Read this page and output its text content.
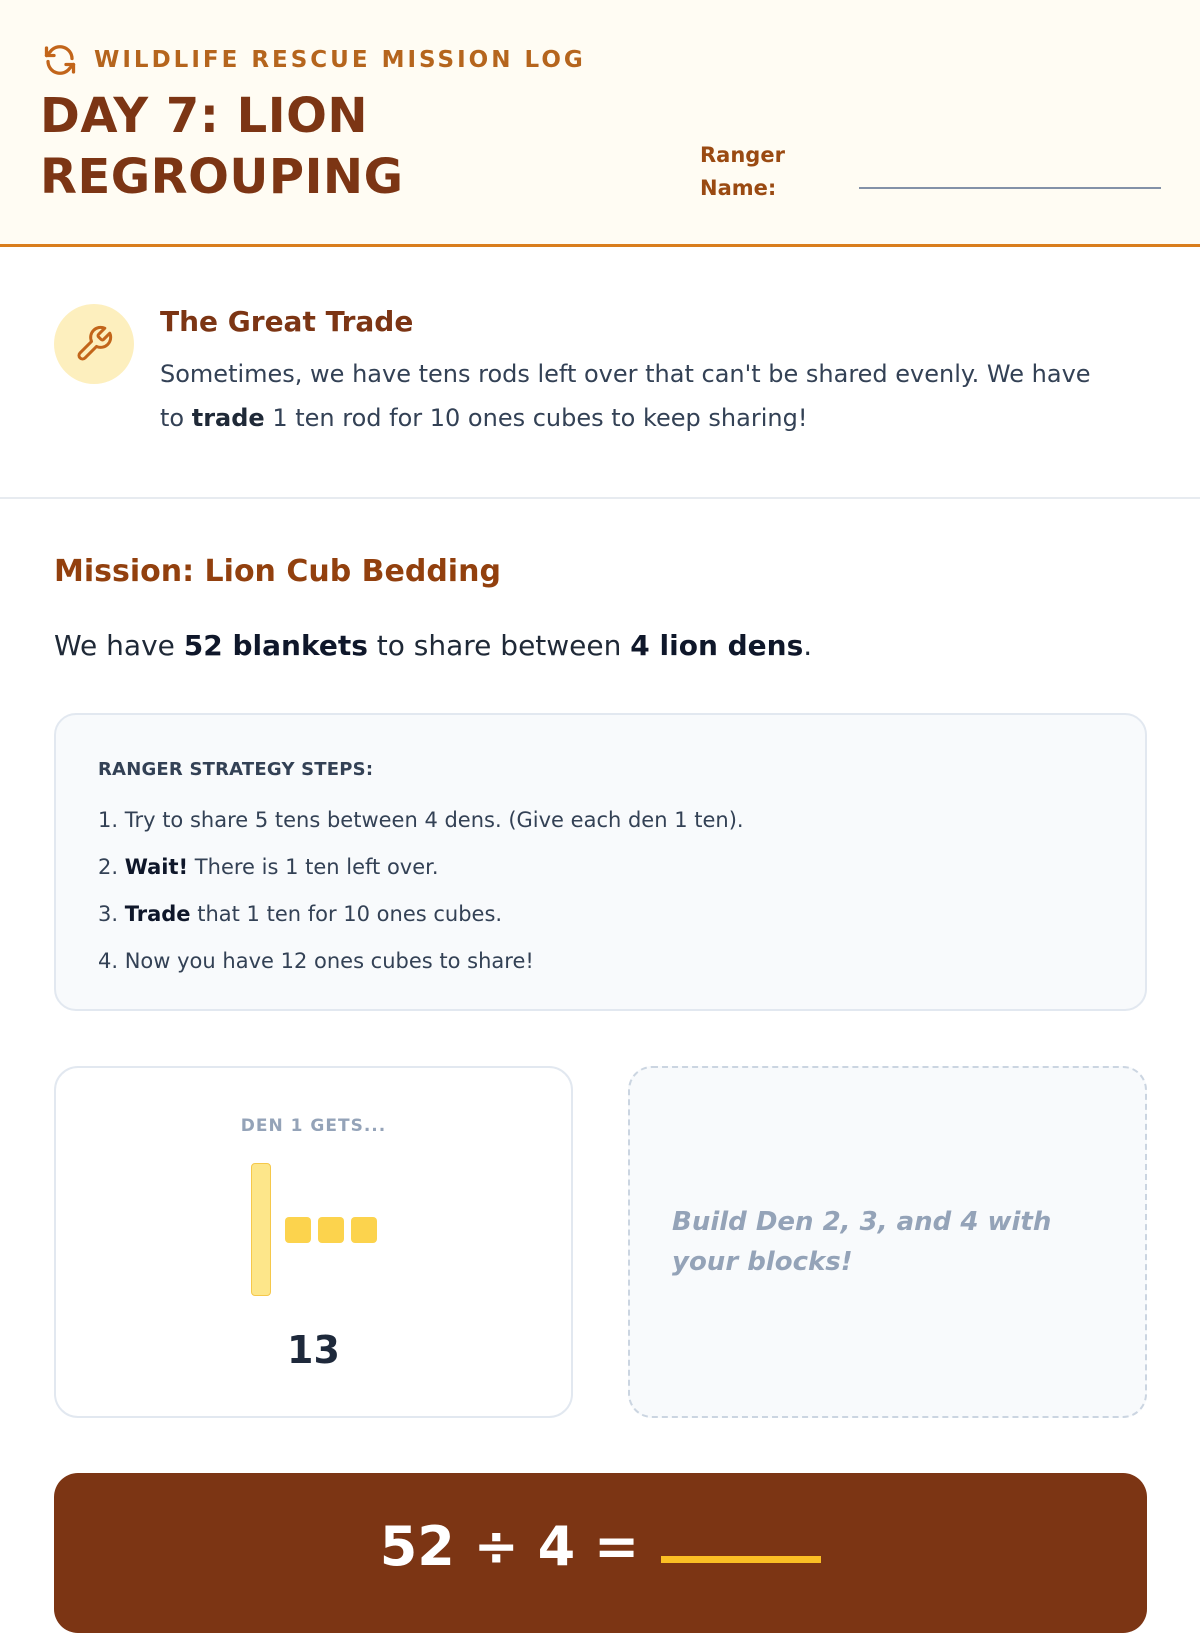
WILDLIFE RESCUE MISSION LOG
DAY 7: LION REGROUPING	Ranger Name:
The Great Trade
Sometimes, we have tens rods left over that can't be shared evenly. We have to trade 1 ten rod for 10 ones cubes to keep sharing!
Mission: Lion Cub Bedding
We have 52 blankets to share between 4 lion dens.
RANGER STRATEGY STEPS:
1. Try to share 5 tens between 4 dens. (Give each den 1 ten).
2. Wait! There is 1 ten left over.
3. Trade that 1 ten for 10 ones cubes.
4. Now you have 12 ones cubes to share!
DEN 1 GETS...
13
Build Den 2, 3, and 4 with your blocks!
52 ÷ 4 =
